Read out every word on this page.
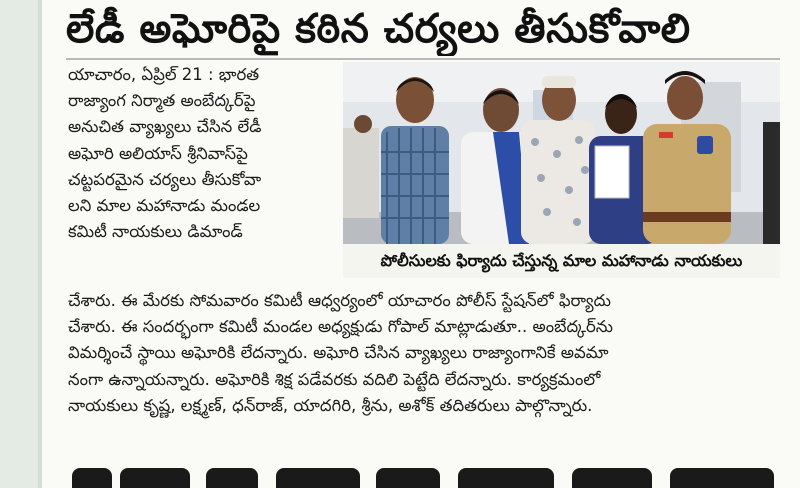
లేడీ అఘోరిపై కఠిన చర్యలు తీసుకోవాలి
యాచారం, ఏప్రిల్ 21 : భారత
రాజ్యాంగ నిర్మాత అంబేద్కర్‌పై
అనుచిత వ్యాఖ్యలు చేసిన లేడీ
అఘోరి అలియాస్ శ్రీనివాస్‌పై
చట్టపరమైన చర్యలు తీసుకోవా
లని మాల మహానాడు మండల
కమిటీ నాయకులు డిమాండ్
పోలీసులకు ఫిర్యాదు చేస్తున్న మాల మహానాడు నాయకులు
చేశారు. ఈ మేరకు సోమవారం కమిటీ ఆధ్వర్యంలో యాచారం పోలీస్ స్టేషన్‌లో ఫిర్యాదు
చేశారు. ఈ సందర్భంగా కమిటీ మండల అధ్యక్షుడు గోపాల్ మాట్లాడుతూ.. అంబేద్కర్‌ను
విమర్శించే స్థాయి అఘోరికి లేదన్నారు. అఘోరి చేసిన వ్యాఖ్యలు రాజ్యాంగానికే అవమా
నంగా ఉన్నాయన్నారు. అఘోరికి శిక్ష పడేవరకు వదిలి పెట్టేది లేదన్నారు. కార్యక్రమంలో
నాయకులు కృష్ణ, లక్ష్మణ్, ధన్‌రాజ్, యాదగిరి, శ్రీను, అశోక్ తదితరులు పాల్గొన్నారు.
